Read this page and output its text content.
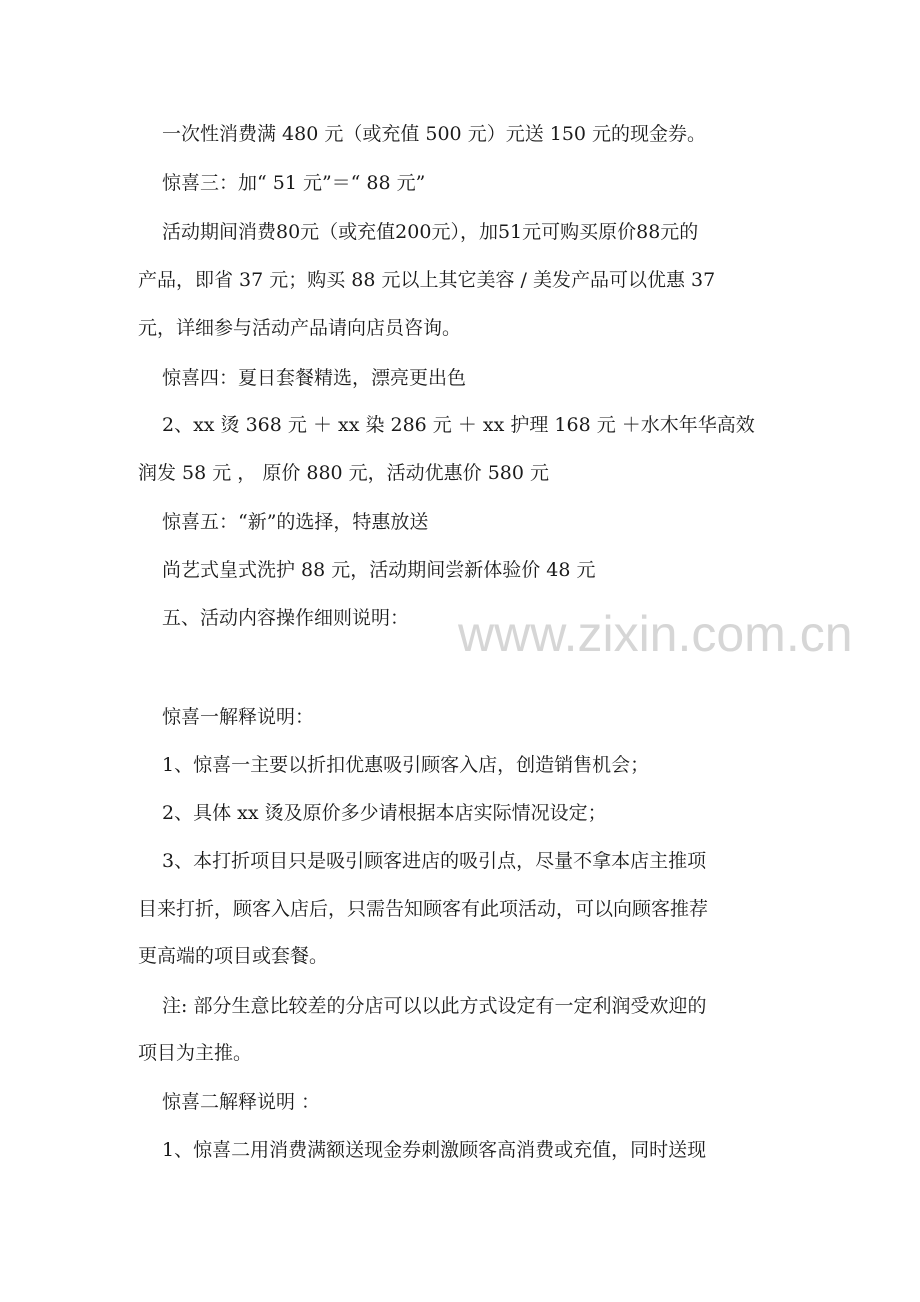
一次性消费满 480 元（或充值 500 元）元送 150 元的现金券。
惊喜三：加“ 51 元”＝“ 88 元”
活动期间消费80元（或充值200元），加51元可购买原价88元的
产品，即省 37 元；购买 88 元以上其它美容 / 美发产品可以优惠 37
元，详细参与活动产品请向店员咨询。
惊喜四：夏日套餐精选，漂亮更出色
2、xx 烫 368 元 ＋ xx 染 286 元 ＋ xx 护理 168 元 ＋水木年华高效
润发 58 元 ， 原价 880 元，活动优惠价 580 元
惊喜五：“新”的选择，特惠放送
尚艺式皇式洗护 88 元，活动期间尝新体验价 48 元
五、活动内容操作细则说明：
惊喜一解释说明：
1、惊喜一主要以折扣优惠吸引顾客入店，创造销售机会；
2、具体 xx 烫及原价多少请根据本店实际情况设定；
3、本打折项目只是吸引顾客进店的吸引点，尽量不拿本店主推项
目来打折，顾客入店后，只需告知顾客有此项活动，可以向顾客推荐
更高端的项目或套餐。
注: 部分生意比较差的分店可以以此方式设定有一定利润受欢迎的
项目为主推。
惊喜二解释说明 ：
1、惊喜二用消费满额送现金券刺激顾客高消费或充值，同时送现
www.zixin.com.cn
